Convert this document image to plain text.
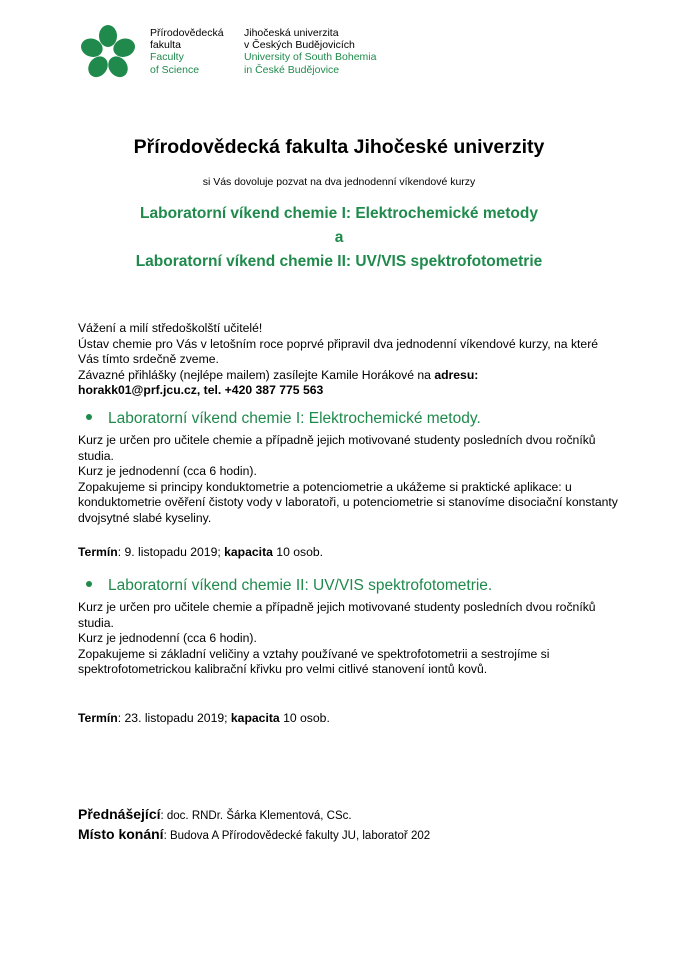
Přírodovědecká
fakulta
Faculty
of Science
Jihočeská univerzita
v Českých Budějovicích
University of South Bohemia
in České Budějovice
Přírodovědecká fakulta Jihočeské univerzity
si Vás dovoluje pozvat na dva jednodenní víkendové kurzy
Laboratorní víkend chemie I: Elektrochemické metody
a
Laboratorní víkend chemie II: UV/VIS spektrofotometrie

Vážení a milí středoškolští učitelé!

Ústav chemie pro Vás v letošním roce poprvé připravil dva jednodenní víkendové kurzy, na které Vás tímto srdečně zveme.

Závazné přihlášky (nejlépe mailem) zasílejte Kamile Horákové na adresu:

horakk01@prf.jcu.cz, tel. +420 387 775 563

Laboratorní víkend chemie I: Elektrochemické metody.

Kurz je určen pro učitele chemie a případně jejich motivované studenty posledních dvou ročníků studia.

Kurz je jednodenní (cca 6 hodin).

Zopakujeme si principy konduktometrie a potenciometrie a ukážeme si praktické aplikace: u konduktometrie ověření čistoty vody v laboratoři, u potenciometrie si stanovíme disociační konstanty dvojsytné slabé kyseliny.

Termín: 9. listopadu 2019; kapacita 10 osob.
Laboratorní víkend chemie II: UV/VIS spektrofotometrie.

Kurz je určen pro učitele chemie a případně jejich motivované studenty posledních dvou ročníků studia.

Kurz je jednodenní (cca 6 hodin).

Zopakujeme si základní veličiny a vztahy používané ve spektrofotometrii a sestrojíme si spektrofotometrickou kalibrační křivku pro velmi citlivé stanovení iontů kovů.

Termín: 23. listopadu 2019; kapacita 10 osob.
Přednášející: doc. RNDr. Šárka Klementová, CSc.
Místo konání: Budova A Přírodovědecké fakulty JU, laboratoř 202
